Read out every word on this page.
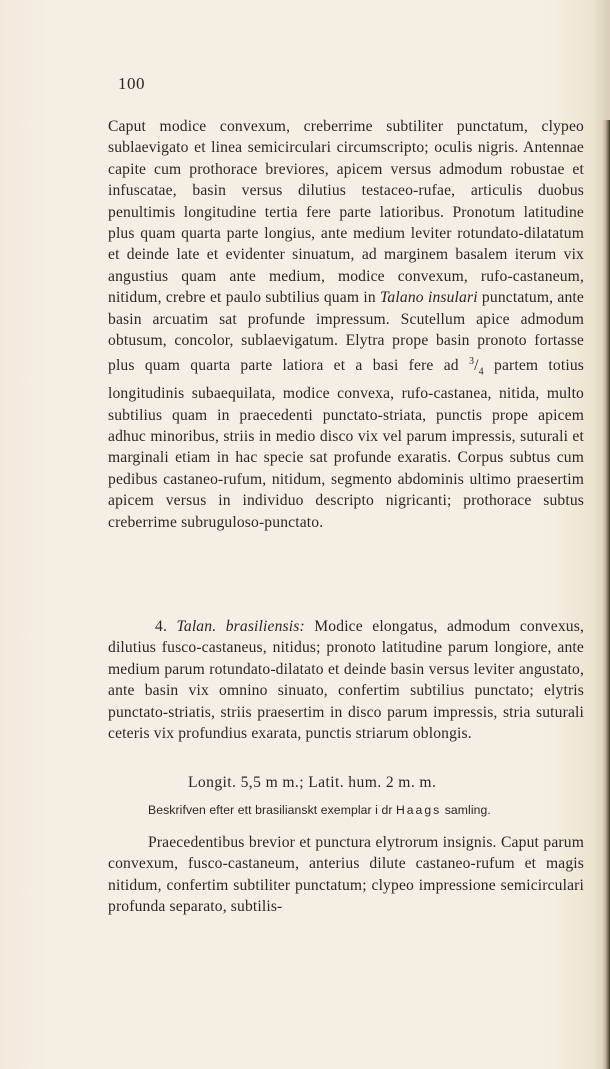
100

Caput modice convexum, creberrime subtiliter punctatum, clypeo sublaevigato et linea semicirculari circumscripto; oculis nigris. Antennae capite cum prothorace breviores, apicem versus admodum robustae et infuscatae, basin versus dilutius testaceo-rufae, articulis duobus penultimis longitudine tertia fere parte latioribus. Pronotum latitudine plus quam quarta parte longius, ante medium leviter rotundato-dilatatum et deinde late et evidenter sinuatum, ad marginem basalem iterum vix angustius quam ante medium, modice convexum, rufo-castaneum, nitidum, crebre et paulo subtilius quam in Talano insulari punctatum, ante basin arcuatim sat profunde impressum. Scutellum apice admodum obtusum, concolor, sublaevigatum. Elytra prope basin pronoto fortasse plus quam quarta parte latiora et a basi fere ad $^3/_4$ partem totius longitudinis subaequilata, modice convexa, rufo-castanea, nitida, multo subtilius quam in praecedenti punctato-striata, punctis prope apicem adhuc minoribus, striis in medio disco vix vel parum impressis, suturali et marginali etiam in hac specie sat profunde exaratis. Corpus subtus cum pedibus castaneo-rufum, nitidum, segmento abdominis ultimo praesertim apicem versus in individuo descripto nigricanti; prothorace subtus creberrime subruguloso-punctato.

4. Talan. brasiliensis: Modice elongatus, admodum convexus, dilutius fusco-castaneus, nitidus; pronoto latitudine parum longiore, ante medium parum rotundato-dilatato et deinde basin versus leviter angustato, ante basin vix omnino sinuato, confertim subtilius punctato; elytris punctato-striatis, striis praesertim in disco parum impressis, stria suturali ceteris vix profundius exarata, punctis striarum oblongis.

Longit. 5,5 m m.; Latit. hum. 2 m. m.
Beskrifven efter ett brasilianskt exemplar i dr Haags samling.

Praecedentibus brevior et punctura elytrorum insignis. Caput parum convexum, fusco-castaneum, anterius dilute castaneo-rufum et magis nitidum, confertim subtiliter punctatum; clypeo impressione semicirculari profunda separato, subtilis-
